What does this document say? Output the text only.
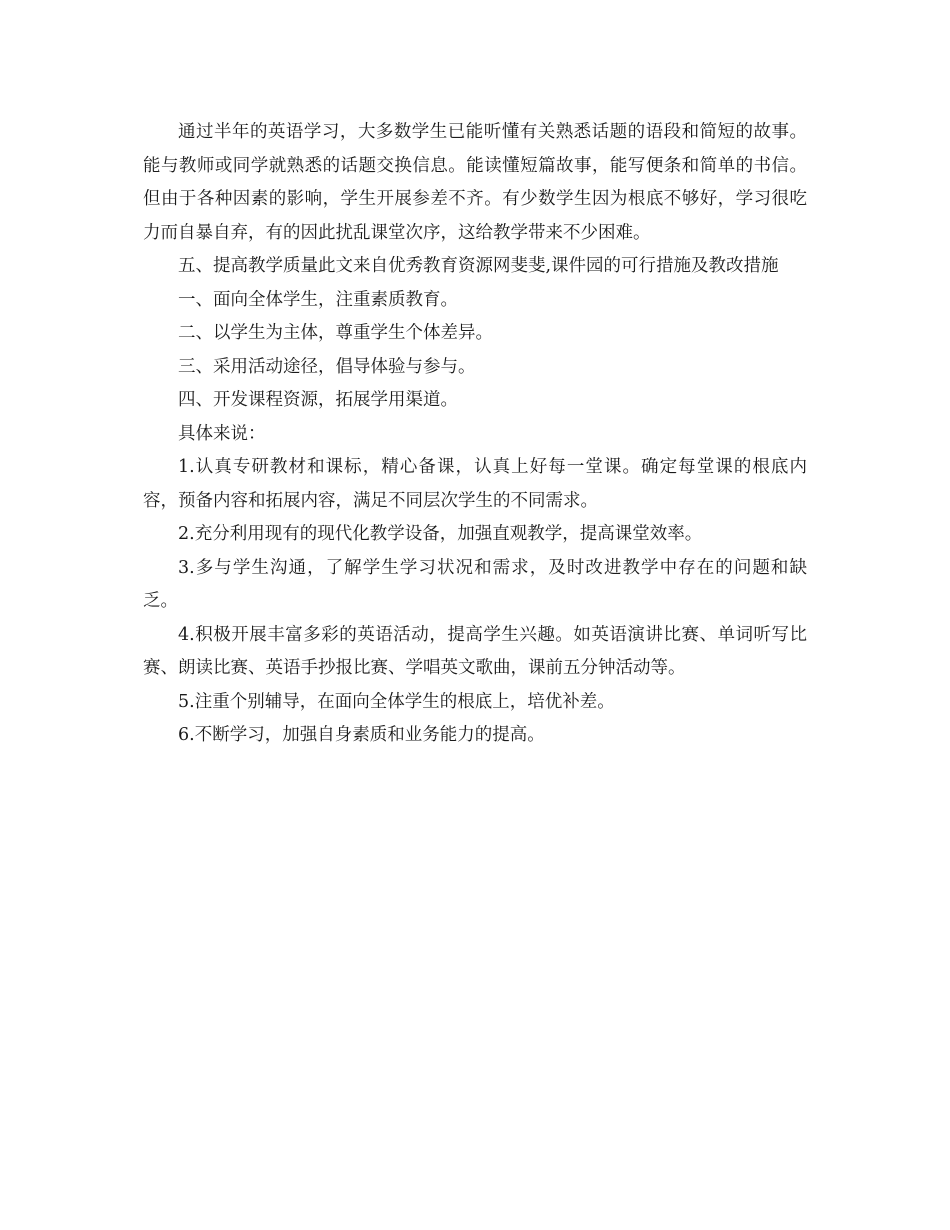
通过半年的英语学习，大多数学生已能听懂有关熟悉话题的语段和简短的故事。能与教师或同学就熟悉的话题交换信息。能读懂短篇故事，能写便条和简单的书信。但由于各种因素的影响，学生开展参差不齐。有少数学生因为根底不够好，学习很吃力而自暴自弃，有的因此扰乱课堂次序，这给教学带来不少困难。

五、提高教学质量此文来自优秀教育资源网斐斐,课件园的可行措施及教改措施

一、面向全体学生，注重素质教育。

二、以学生为主体，尊重学生个体差异。

三、采用活动途径，倡导体验与参与。

四、开发课程资源，拓展学用渠道。

具体来说：

1.认真专研教材和课标，精心备课，认真上好每一堂课。确定每堂课的根底内容，预备内容和拓展内容，满足不同层次学生的不同需求。

2.充分利用现有的现代化教学设备，加强直观教学，提高课堂效率。

3.多与学生沟通，了解学生学习状况和需求，及时改进教学中存在的问题和缺乏。

4.积极开展丰富多彩的英语活动，提高学生兴趣。如英语演讲比赛、单词听写比赛、朗读比赛、英语手抄报比赛、学唱英文歌曲，课前五分钟活动等。

5.注重个别辅导，在面向全体学生的根底上，培优补差。

6.不断学习，加强自身素质和业务能力的提高。
